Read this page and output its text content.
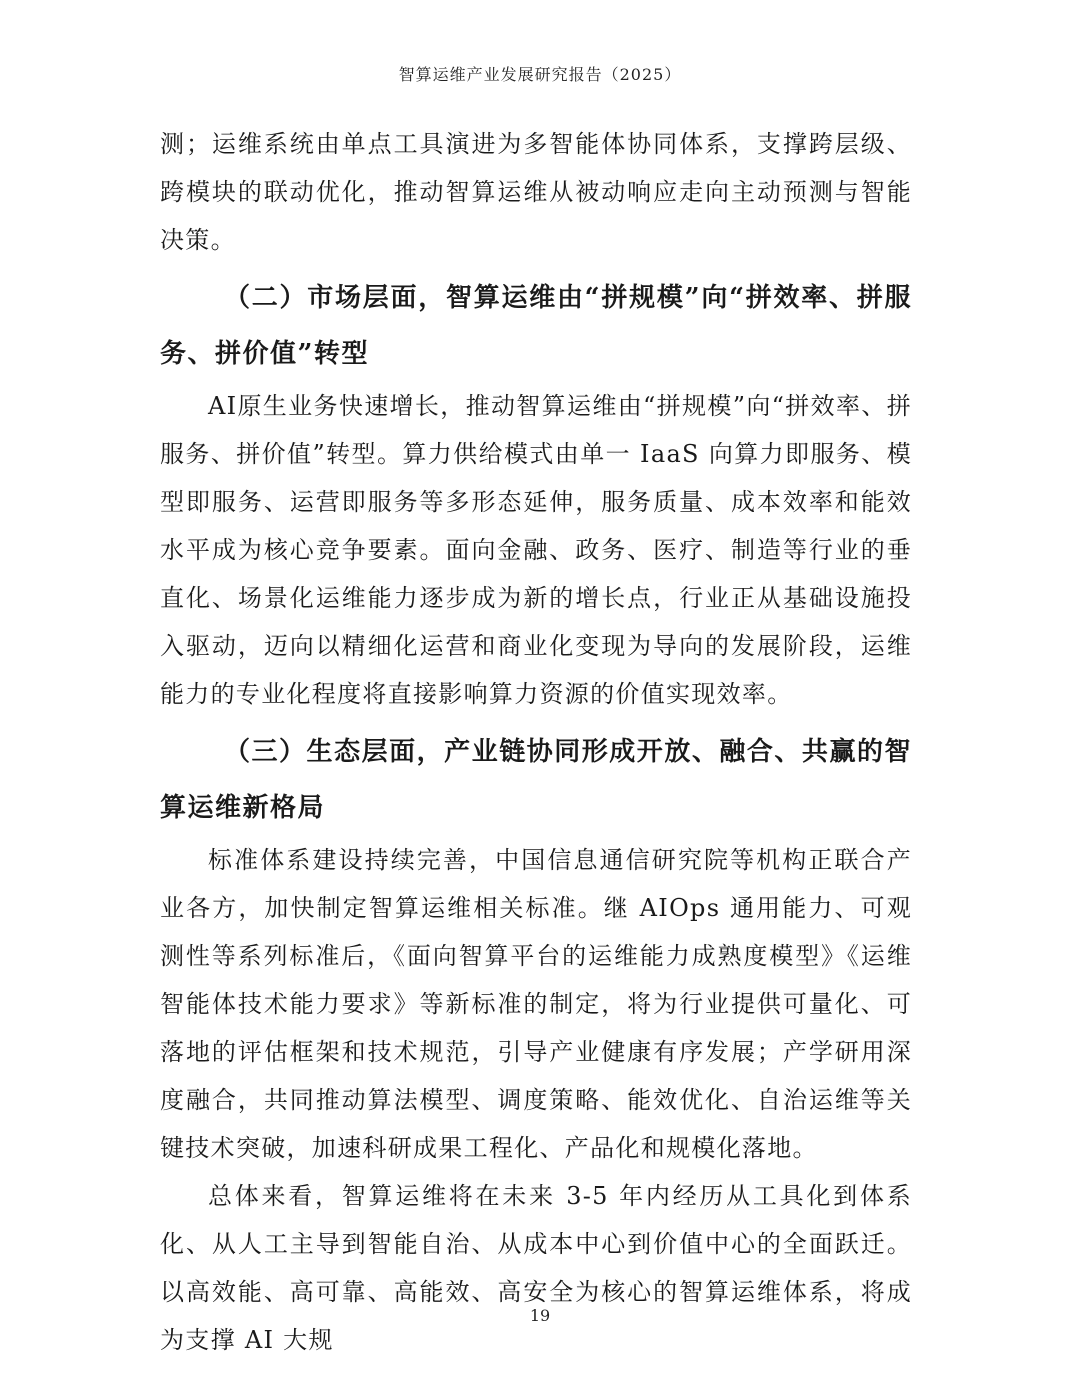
智算运维产业发展研究报告（2025）

测；运维系统由单点工具演进为多智能体协同体系，支撑跨层级、跨模块的联动优化，推动智算运维从被动响应走向主动预测与智能决策。

（二）市场层面，智算运维由“拼规模”向“拼效率、拼服务、拼价值”转型

AI原生业务快速增长，推动智算运维由“拼规模”向“拼效率、拼服务、拼价值”转型。算力供给模式由单一 IaaS 向算力即服务、模型即服务、运营即服务等多形态延伸，服务质量、成本效率和能效水平成为核心竞争要素。面向金融、政务、医疗、制造等行业的垂直化、场景化运维能力逐步成为新的增长点，行业正从基础设施投入驱动，迈向以精细化运营和商业化变现为导向的发展阶段，运维能力的专业化程度将直接影响算力资源的价值实现效率。

（三）生态层面，产业链协同形成开放、融合、共赢的智算运维新格局

标准体系建设持续完善，中国信息通信研究院等机构正联合产业各方，加快制定智算运维相关标准。继 AIOps 通用能力、可观测性等系列标准后，《面向智算平台的运维能力成熟度模型》《运维智能体技术能力要求》等新标准的制定，将为行业提供可量化、可落地的评估框架和技术规范，引导产业健康有序发展；产学研用深度融合，共同推动算法模型、调度策略、能效优化、自治运维等关键技术突破，加速科研成果工程化、产品化和规模化落地。

总体来看，智算运维将在未来 3-5 年内经历从工具化到体系化、从人工主导到智能自治、从成本中心到价值中心的全面跃迁。以高效能、高可靠、高能效、高安全为核心的智算运维体系，将成为支撑 AI 大规

19
